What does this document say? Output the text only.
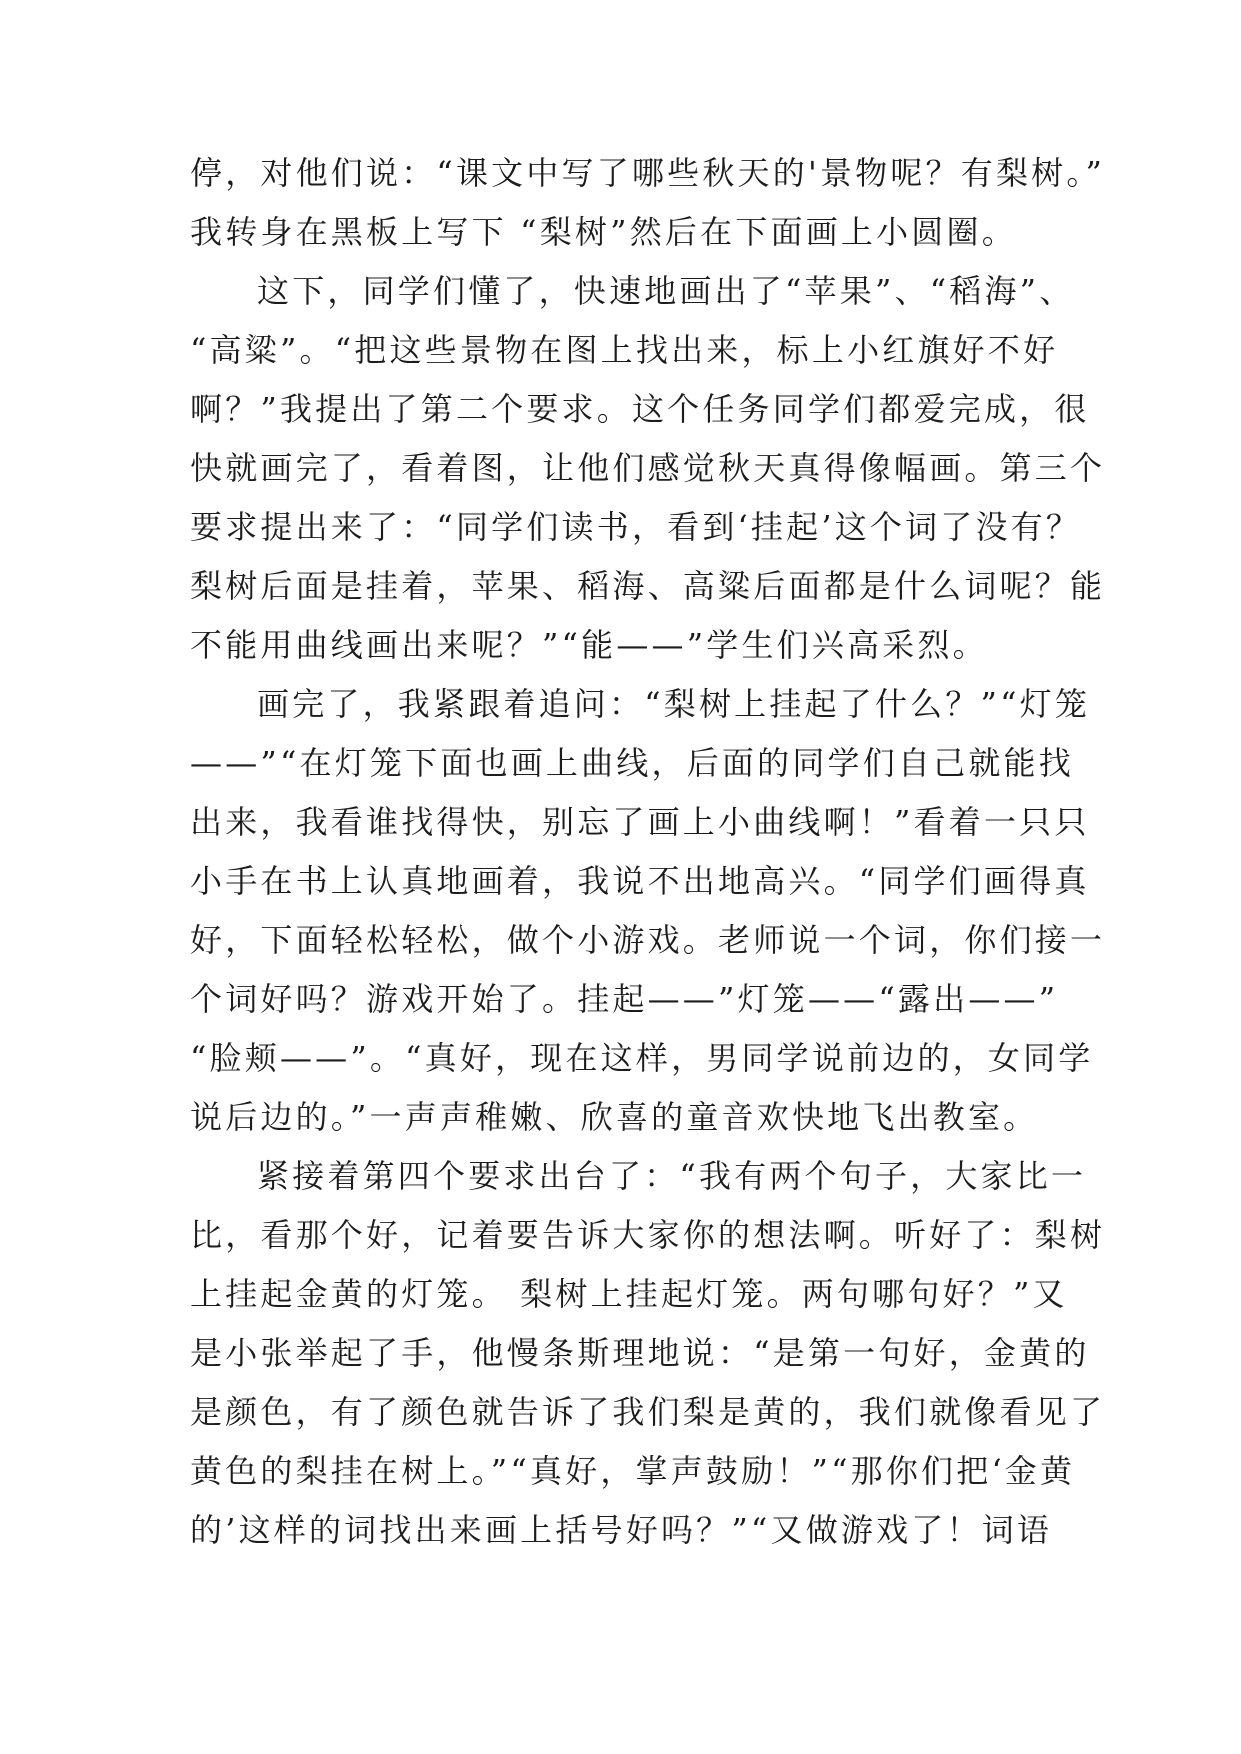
停，对他们说：“课文中写了哪些秋天的'景物呢？有梨树。”
我转身在黑板上写下 “梨树”然后在下面画上小圆圈。
这下，同学们懂了，快速地画出了“苹果”、“稻海”、
“高粱”。“把这些景物在图上找出来，标上小红旗好不好
啊？”我提出了第二个要求。这个任务同学们都爱完成，很
快就画完了，看着图，让他们感觉秋天真得像幅画。第三个
要求提出来了：“同学们读书，看到‘挂起’这个词了没有？
梨树后面是挂着，苹果、稻海、高粱后面都是什么词呢？能
不能用曲线画出来呢？”“能——”学生们兴高采烈。
画完了，我紧跟着追问：“梨树上挂起了什么？”“灯笼
——”“在灯笼下面也画上曲线，后面的同学们自己就能找
出来，我看谁找得快，别忘了画上小曲线啊！”看着一只只
小手在书上认真地画着，我说不出地高兴。“同学们画得真
好，下面轻松轻松，做个小游戏。老师说一个词，你们接一
个词好吗？游戏开始了。挂起——”灯笼——“露出——”
“脸颊——”。“真好，现在这样，男同学说前边的，女同学
说后边的。”一声声稚嫩、欣喜的童音欢快地飞出教室。
紧接着第四个要求出台了：“我有两个句子，大家比一
比，看那个好，记着要告诉大家你的想法啊。听好了：梨树
上挂起金黄的灯笼。 梨树上挂起灯笼。两句哪句好？”又
是小张举起了手，他慢条斯理地说：“是第一句好，金黄的
是颜色，有了颜色就告诉了我们梨是黄的，我们就像看见了
黄色的梨挂在树上。”“真好，掌声鼓励！”“那你们把‘金黄
的’这样的词找出来画上括号好吗？”“又做游戏了！词语
